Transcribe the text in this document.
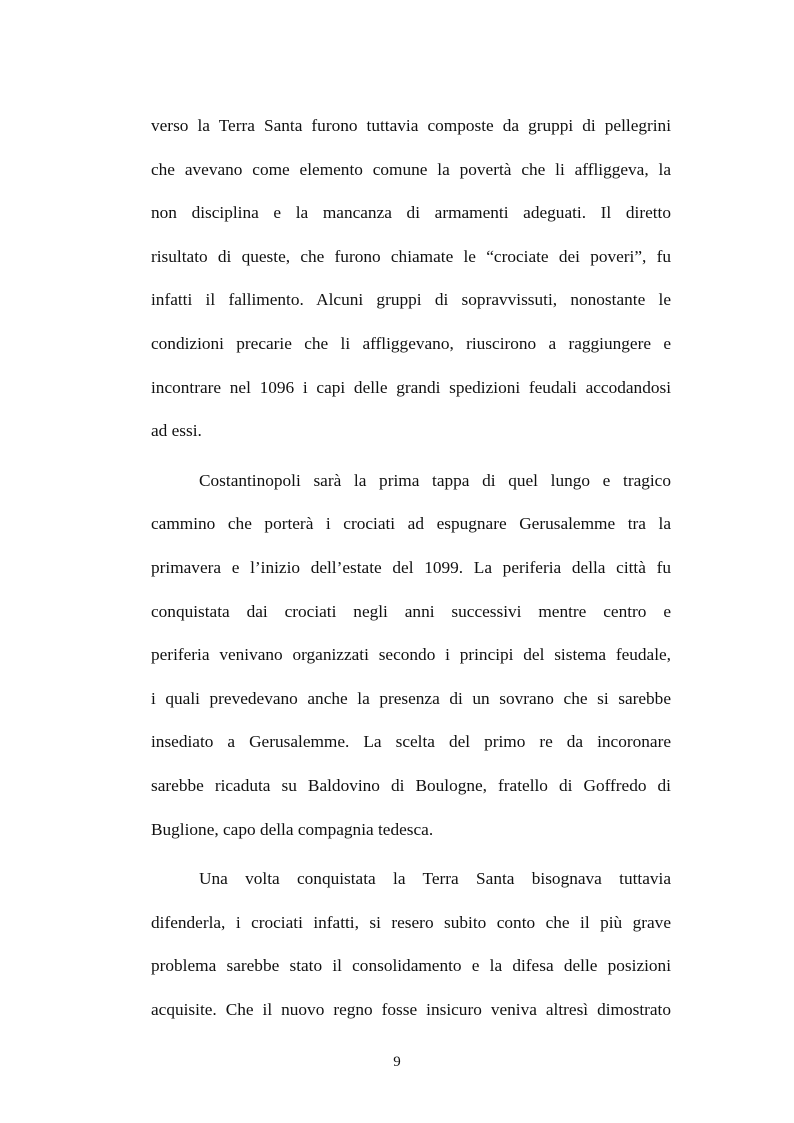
verso la Terra Santa furono tuttavia composte da gruppi di pellegrini
che avevano come elemento comune la povertà che li affliggeva, la
non disciplina e la mancanza di armamenti adeguati. Il diretto
risultato di queste, che furono chiamate le “crociate dei poveri”, fu
infatti il fallimento. Alcuni gruppi di sopravvissuti, nonostante le
condizioni precarie che li affliggevano, riuscirono a raggiungere e
incontrare nel 1096 i capi delle grandi spedizioni feudali accodandosi
ad essi.
Costantinopoli sarà la prima tappa di quel lungo e tragico
cammino che porterà i crociati ad espugnare Gerusalemme tra la
primavera e l’inizio dell’estate del 1099. La periferia della città fu
conquistata dai crociati negli anni successivi mentre centro e
periferia venivano organizzati secondo i principi del sistema feudale,
i quali prevedevano anche la presenza di un sovrano che si sarebbe
insediato a Gerusalemme. La scelta del primo re da incoronare
sarebbe ricaduta su Baldovino di Boulogne, fratello di Goffredo di
Buglione, capo della compagnia tedesca.
Una volta conquistata la Terra Santa bisognava tuttavia
difenderla, i crociati infatti, si resero subito conto che il più grave
problema sarebbe stato il consolidamento e la difesa delle posizioni
acquisite. Che il nuovo regno fosse insicuro veniva altresì dimostrato
9
